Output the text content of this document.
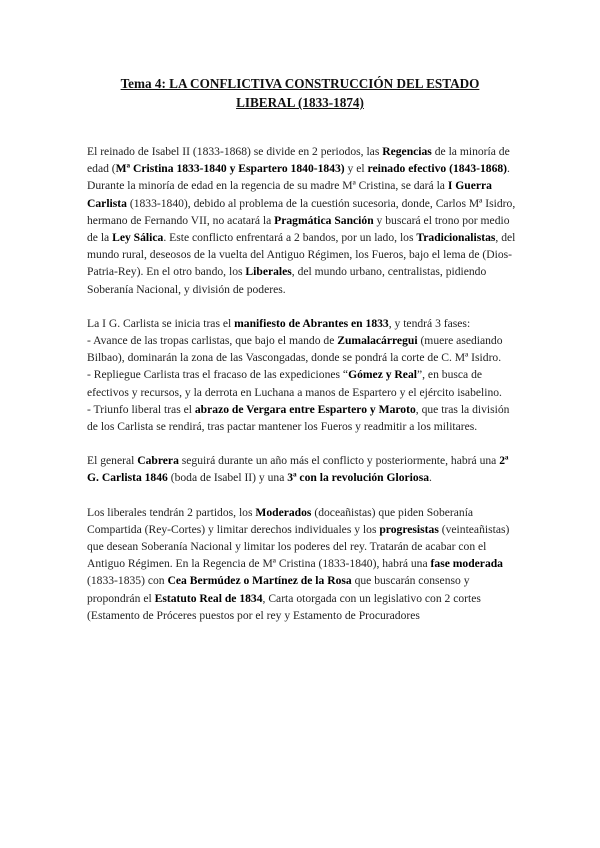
Tema 4: LA CONFLICTIVA CONSTRUCCIÓN DEL ESTADO
LIBERAL (1833-1874)

El reinado de Isabel II (1833-1868) se divide en 2 periodos, las Regencias de la minoría de edad (Mª Cristina 1833-1840 y Espartero 1840-1843) y el reinado efectivo (1843-1868). Durante la minoría de edad en la regencia de su madre Mª Cristina, se dará la I Guerra Carlista (1833-1840), debido al problema de la cuestión sucesoria, donde, Carlos Mª Isidro, hermano de Fernando VII, no acatará la Pragmática Sanción y buscará el trono por medio de la Ley Sálica. Este conflicto enfrentará a 2 bandos, por un lado, los Tradicionalistas, del mundo rural, deseosos de la vuelta del Antiguo Régimen, los Fueros, bajo el lema de (Dios-Patria-Rey). En el otro bando, los Liberales, del mundo urbano, centralistas, pidiendo Soberanía Nacional, y división de poderes.

La I G. Carlista se inicia tras el manifiesto de Abrantes en 1833, y tendrá 3 fases:

- Avance de las tropas carlistas, que bajo el mando de Zumalacárregui (muere asediando Bilbao), dominarán la zona de las Vascongadas, donde se pondrá la corte de C. Mª Isidro.

- Repliegue Carlista tras el fracaso de las expediciones “Gómez y Real”, en busca de efectivos y recursos, y la derrota en Luchana a manos de Espartero y el ejército isabelino.

- Triunfo liberal tras el abrazo de Vergara entre Espartero y Maroto, que tras la división de los Carlista se rendirá, tras pactar mantener los Fueros y readmitir a los militares.

El general Cabrera seguirá durante un año más el conflicto y posteriormente, habrá una 2ª G. Carlista 1846 (boda de Isabel II) y una 3ª con la revolución Gloriosa.

Los liberales tendrán 2 partidos, los Moderados (doceañistas) que piden Soberanía Compartida (Rey-Cortes) y limitar derechos individuales y los progresistas (veinteañistas) que desean Soberanía Nacional y limitar los poderes del rey. Tratarán de acabar con el Antiguo Régimen. En la Regencia de Mª Cristina (1833-1840), habrá una fase moderada (1833-1835) con Cea Bermúdez o Martínez de la Rosa que buscarán consenso y propondrán el Estatuto Real de 1834, Carta otorgada con un legislativo con 2 cortes (Estamento de Próceres puestos por el rey y Estamento de Procuradores
